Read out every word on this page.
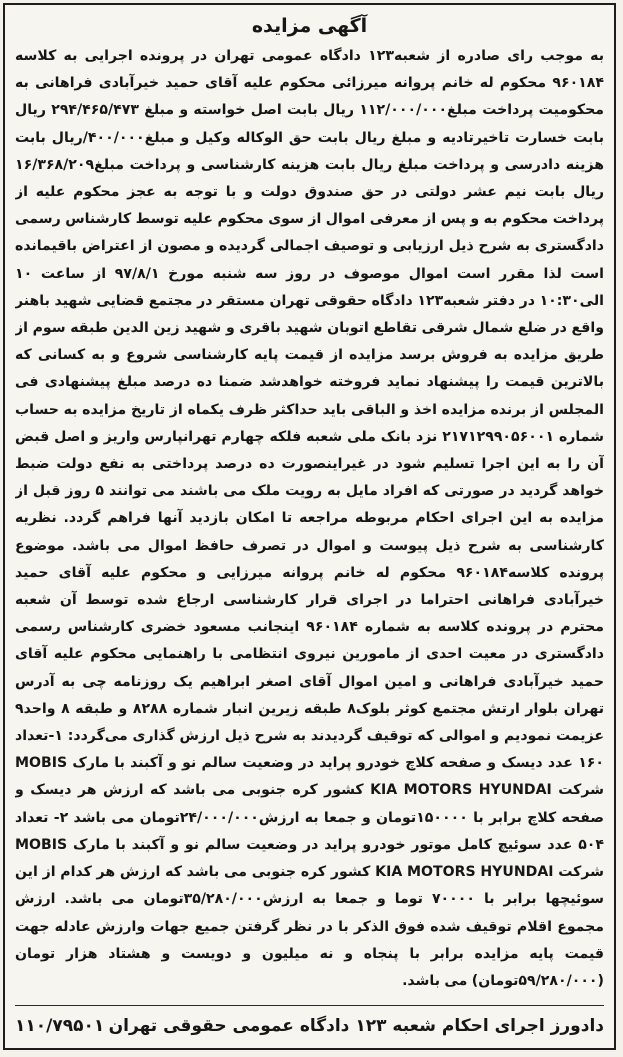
آگهی مزایده
به موجب رای صادره از شعبه۱۲۳ دادگاه عمومی تهران در پرونده اجرایی به کلاسه ۹۶۰۱۸۴ محکوم له خانم پروانه میرزائی محکوم علیه آقای حمید خیرآبادی فراهانی به محکومیت پرداخت مبلغ۱۱۲/۰۰۰/۰۰۰ ریال بابت اصل خواسته و مبلغ ۲۹۴/۴۶۵/۴۷۳ ریال بابت خسارت تاخیرتادیه و مبلغ ریال بابت حق الوکاله وکیل و مبلغ۴۰۰/۰۰۰/ریال بابت هزینه دادرسی و پرداخت مبلغ ریال بابت هزینه کارشناسی و پرداخت مبلغ۱۶/۳۶۸/۲۰۹ ریال بابت نیم عشر دولتی در حق صندوق دولت و با توجه به عجز محکوم علیه از پرداخت محکوم به و پس از معرفی اموال از سوی محکوم علیه توسط کارشناس رسمی دادگستری به شرح ذیل ارزیابی و توصیف اجمالی گردیده و مصون از اعتراض باقیمانده است لذا مقرر است اموال موصوف در روز سه شنبه مورخ ۹۷/۸/۱ از ساعت ۱۰ الی۱۰:۳۰ در دفتر شعبه۱۲۳ دادگاه حقوقی تهران مستقر در مجتمع قضایی شهید باهنر واقع در ضلع شمال شرقی تقاطع اتوبان شهید باقری و شهید زین الدین طبقه سوم از طریق مزایده به فروش برسد مزایده از قیمت پایه کارشناسی شروع و به کسانی که بالاترین قیمت را پیشنهاد نماید فروخته خواهدشد ضمنا ده درصد مبلغ پیشنهادی فی المجلس از برنده مزایده اخذ و الباقی باید حداکثر ظرف یکماه از تاریخ مزایده به حساب شماره ۲۱۷۱۲۹۹۰۵۶۰۰۱ نزد بانک ملی شعبه فلکه چهارم تهرانپارس واریز و اصل قبض آن را به این اجرا تسلیم شود در غیراینصورت ده درصد پرداختی به نفع دولت ضبط خواهد گردید در صورتی که افراد مایل به رویت ملک می باشند می توانند ۵ روز قبل از مزایده به این اجرای احکام مربوطه مراجعه تا امکان بازدید آنها فراهم گردد. نظریه کارشناسی به شرح ذیل پیوست و اموال در تصرف حافظ اموال می باشد. موضوع پرونده کلاسه۹۶۰۱۸۴ محکوم له خانم پروانه میرزایی و محکوم علیه آقای حمید خیرآبادی فراهانی احتراما در اجرای قرار کارشناسی ارجاع شده توسط آن شعبه محترم در پرونده کلاسه به شماره ۹۶۰۱۸۴ اینجانب مسعود خضری کارشناس رسمی دادگستری در معیت احدی از مامورین نیروی انتظامی با راهنمایی محکوم علیه آقای حمید خیرآبادی فراهانی و امین اموال آقای اصغر ابراهیم یک روزنامه چی به آدرس تهران بلوار ارتش مجتمع کوثر بلوک۸ طبقه زیرین انبار شماره ۸۲۸۸ و طبقه ۸ واحد۹ عزیمت نمودیم و اموالی که توقیف گردیدند به شرح ذیل ارزش گذاری می‌گردد: ۱-تعداد ۱۶۰ عدد دیسک و صفحه کلاچ خودرو پراید در وضعیت سالم نو و آکبند با مارک MOBIS شرکت KIA MOTORS HYUNDAI کشور کره جنوبی می باشد که ارزش هر دیسک و صفحه کلاچ برابر با ۱۵۰۰۰۰تومان و جمعا به ارزش۲۴/۰۰۰/۰۰۰تومان می باشد ۲- تعداد ۵۰۴ عدد سوئیچ کامل موتور خودرو پراید در وضعیت سالم نو و آکبند با مارک MOBIS شرکت KIA MOTORS HYUNDAI کشور کره جنوبی می باشد که ارزش هر کدام از این سوئیچها برابر با ۷۰۰۰۰ توما و جمعا به ارزش۳۵/۲۸۰/۰۰۰تومان می باشد. ارزش مجموع اقلام توقیف شده فوق الذکر با در نظر گرفتن جمیع جهات وارزش عادله جهت قیمت پایه مزایده برابر با پنجاه و نه میلیون و دویست و هشتاد هزار تومان (۵۹/۲۸۰/۰۰۰تومان) می باشد.
دادورز اجرای احکام شعبه ۱۲۳ دادگاه عمومی حقوقی تهران
۱۱۰/۷۹۵۰۱
